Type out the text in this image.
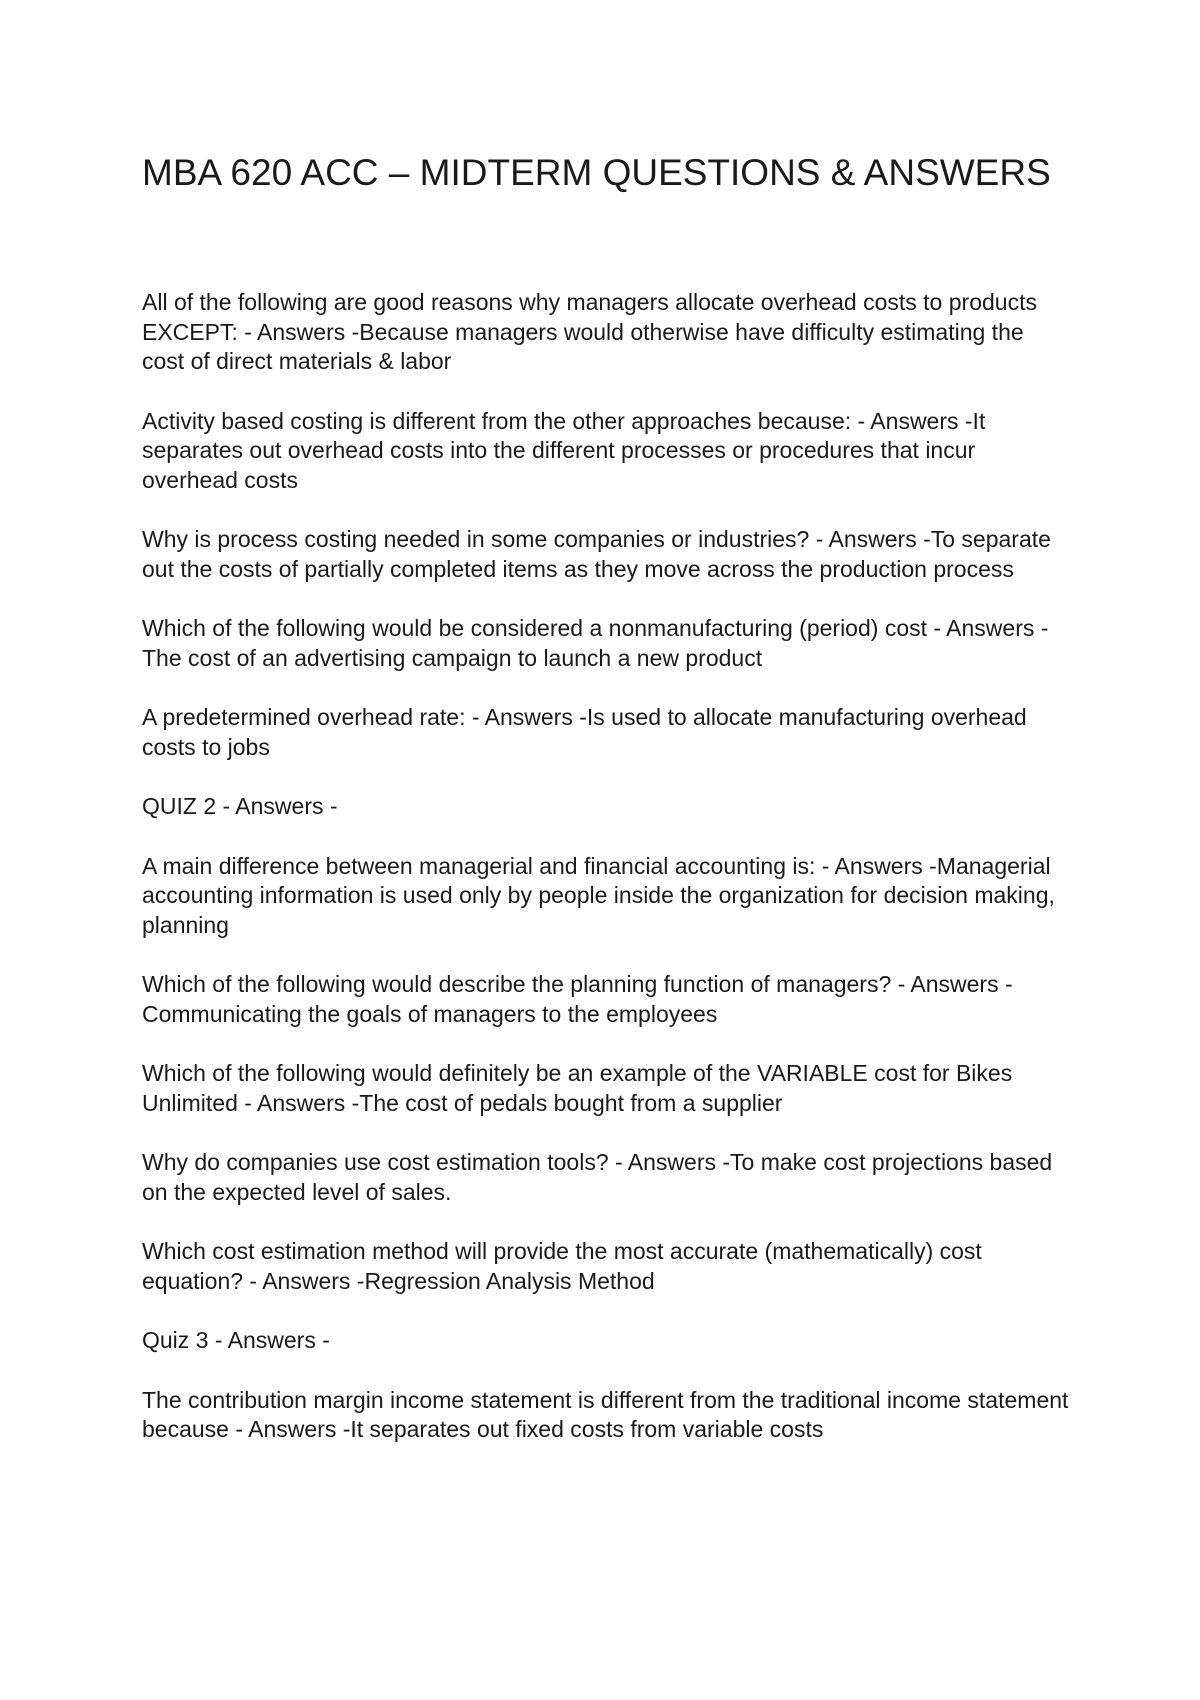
MBA 620 ACC – MIDTERM QUESTIONS & ANSWERS
All of the following are good reasons why managers allocate overhead costs to products EXCEPT: - Answers -Because managers would otherwise have difficulty estimating the cost of direct materials & labor
Activity based costing is different from the other approaches because: - Answers -It separates out overhead costs into the different processes or procedures that incur overhead costs
Why is process costing needed in some companies or industries? - Answers -To separate out the costs of partially completed items as they move across the production process
Which of the following would be considered a nonmanufacturing (period) cost - Answers -The cost of an advertising campaign to launch a new product
A predetermined overhead rate: - Answers -Is used to allocate manufacturing overhead costs to jobs
QUIZ 2 - Answers -
A main difference between managerial and financial accounting is: - Answers -Managerial accounting information is used only by people inside the organization for decision making, planning
Which of the following would describe the planning function of managers? - Answers -Communicating the goals of managers to the employees
Which of the following would definitely be an example of the VARIABLE cost for Bikes Unlimited - Answers -The cost of pedals bought from a supplier
Why do companies use cost estimation tools? - Answers -To make cost projections based on the expected level of sales.
Which cost estimation method will provide the most accurate (mathematically) cost equation? - Answers -Regression Analysis Method
Quiz 3 - Answers -
The contribution margin income statement is different from the traditional income statement because - Answers -It separates out fixed costs from variable costs
